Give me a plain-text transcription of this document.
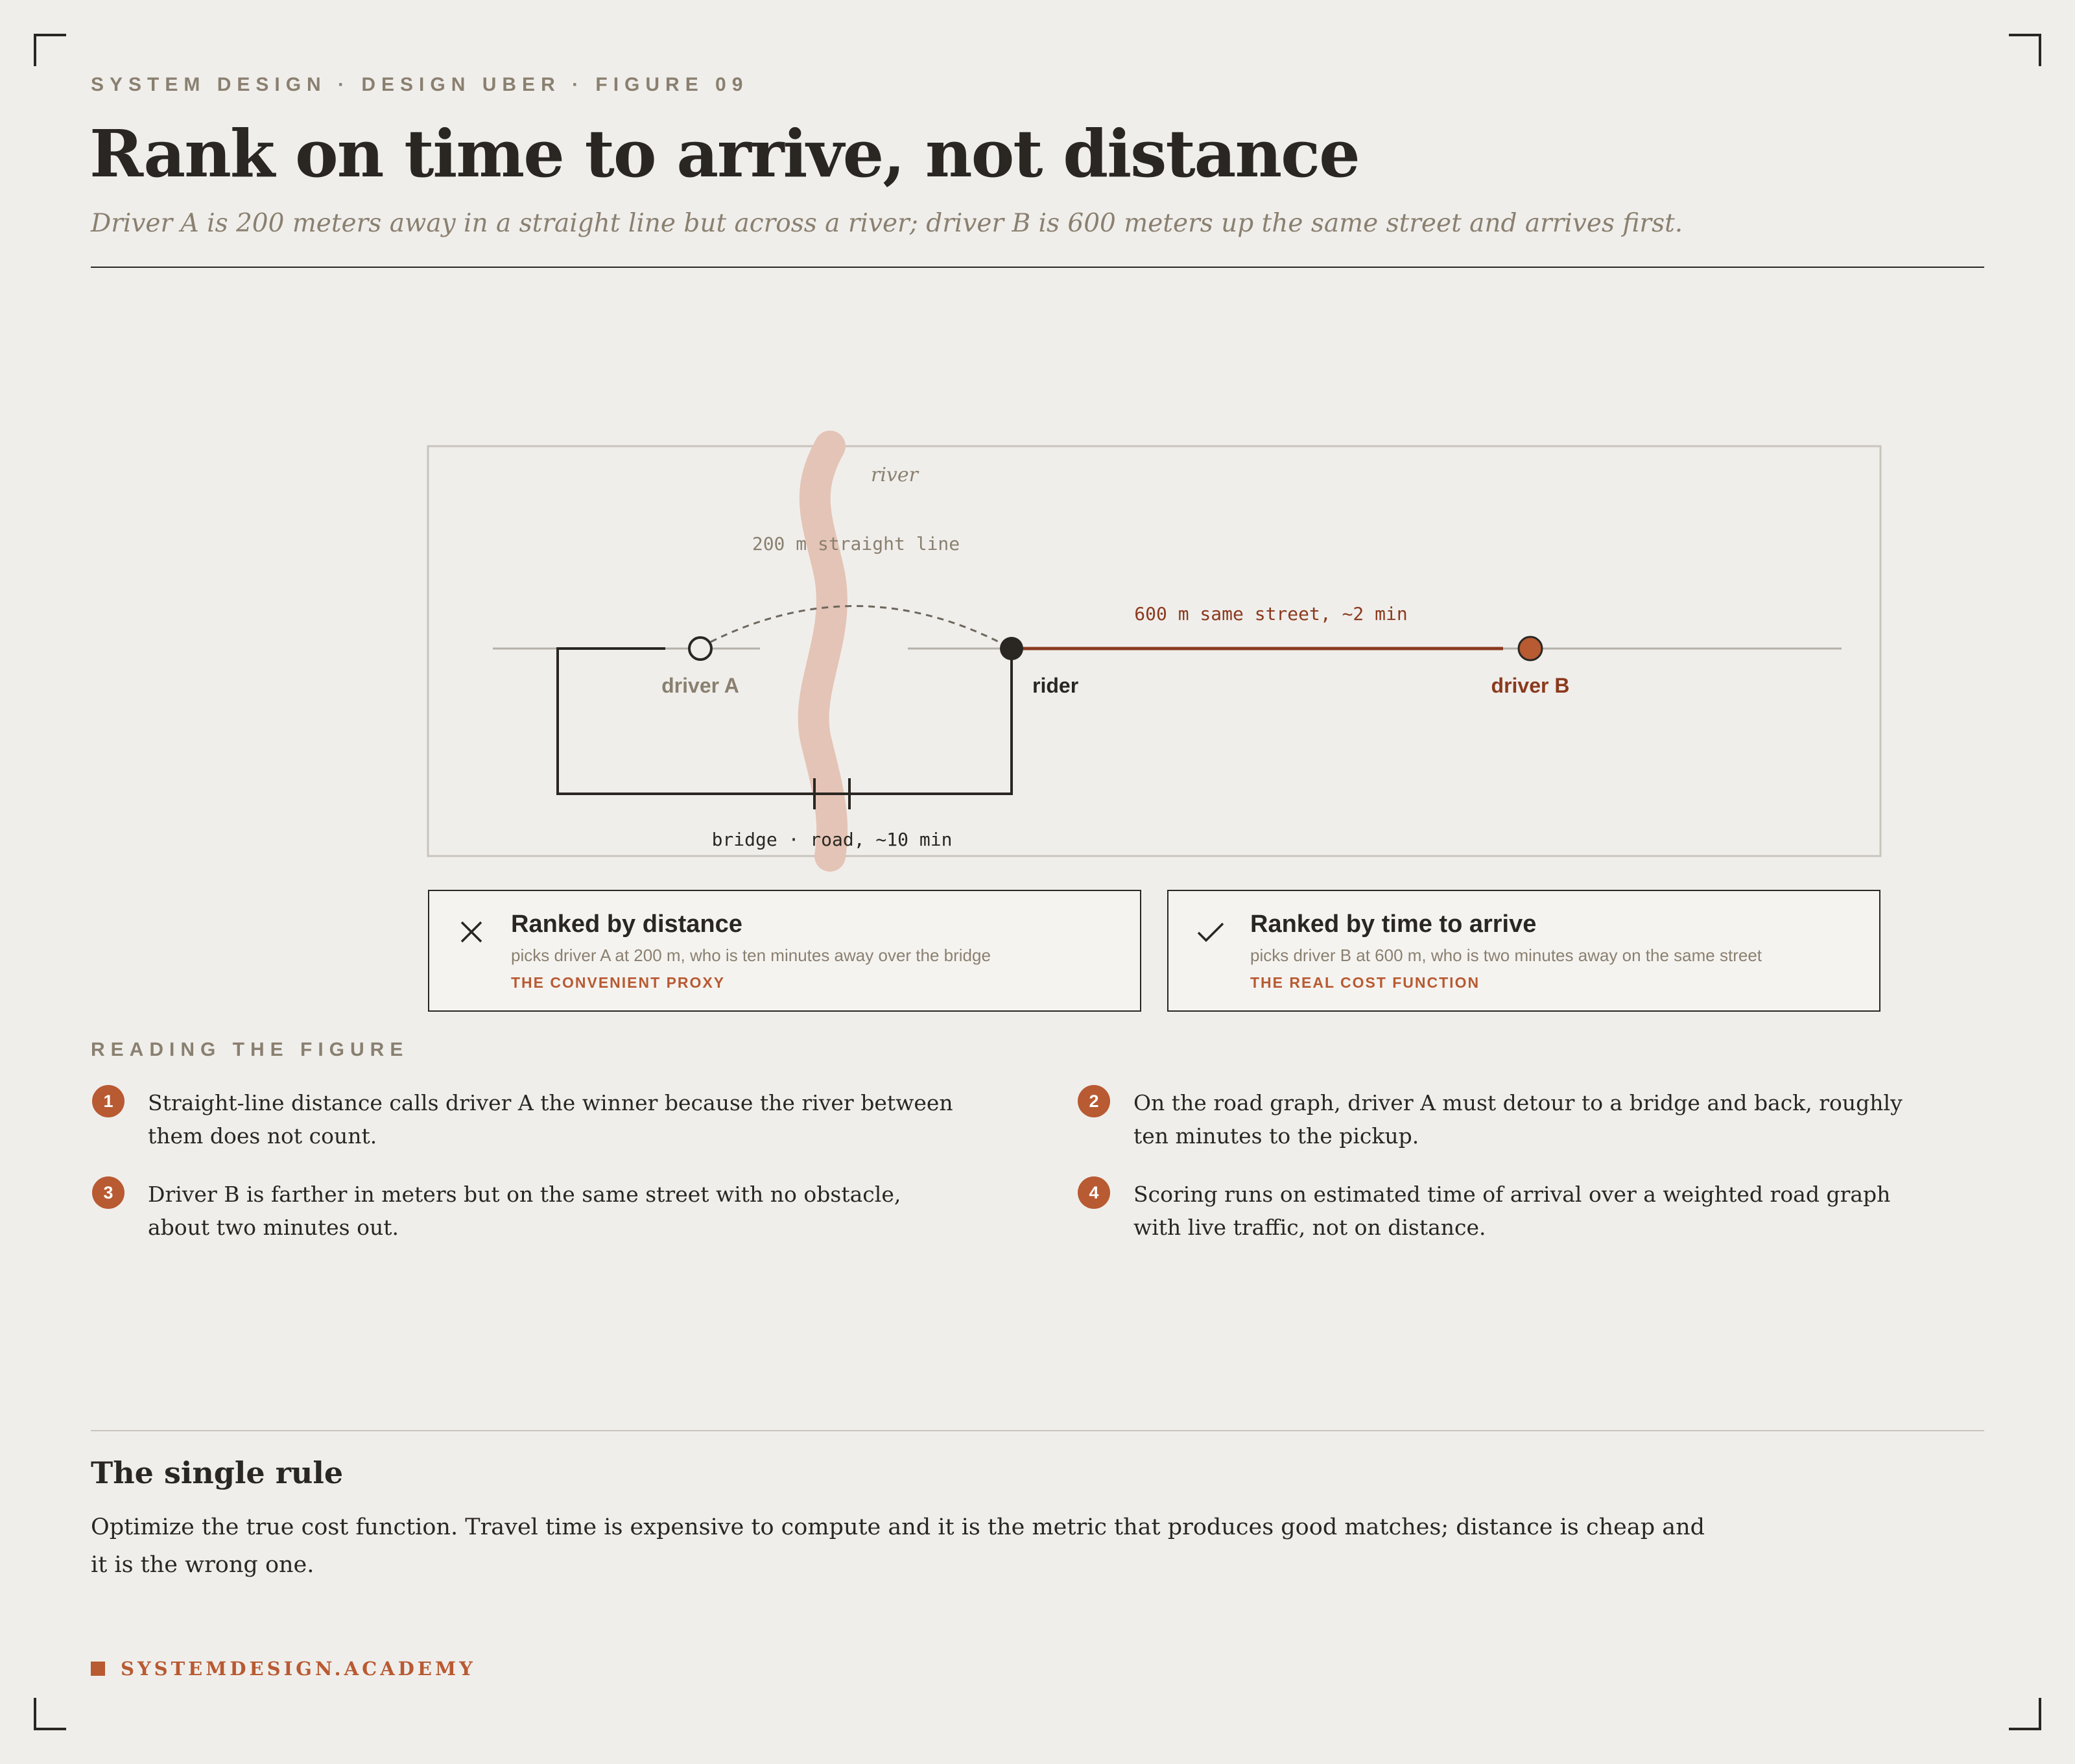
SYSTEM DESIGN · DESIGN UBER · FIGURE 09
Rank on time to arrive, not distance
Driver A is 200 meters away in a straight line but across a river; driver B is 600 meters up the same street and arrives first.
river
bridge · road, ~10 min
200 m straight line
600 m same street, ~2 min
driver A	rider	driver B
Ranked by distance
picks driver A at 200 m, who is ten minutes away over the bridge
THE CONVENIENT PROXY
Ranked by time to arrive
picks driver B at 600 m, who is two minutes away on the same street
THE REAL COST FUNCTION
READING THE FIGURE
1	Straight-line distance calls driver A the winner because the river between them does not count.
2	On the road graph, driver A must detour to a bridge and back, roughly ten minutes to the pickup.
3	Driver B is farther in meters but on the same street with no obstacle, about two minutes out.
4	Scoring runs on estimated time of arrival over a weighted road graph with live traffic, not on distance.
The single rule

Optimize the true cost function. Travel time is expensive to compute and it is the metric that produces good matches; distance is cheap and it is the wrong one.

SYSTEMDESIGN.ACADEMY
